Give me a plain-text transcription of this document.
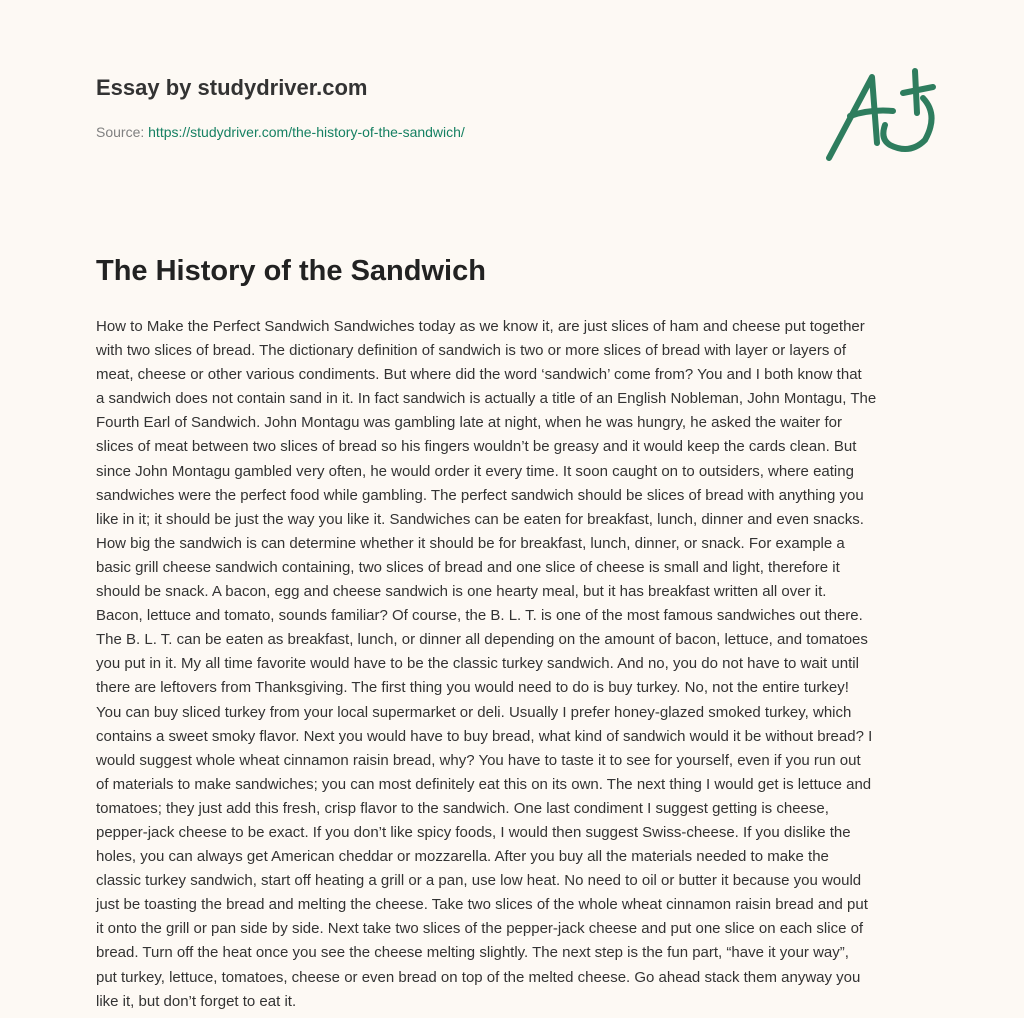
Essay by studydriver.com
Source: https://studydriver.com/the-history-of-the-sandwich/
The History of the Sandwich
How to Make the Perfect Sandwich Sandwiches today as we know it, are just slices of ham and cheese put together
with two slices of bread. The dictionary definition of sandwich is two or more slices of bread with layer or layers of
meat, cheese or other various condiments. But where did the word ‘sandwich’ come from? You and I both know that
a sandwich does not contain sand in it. In fact sandwich is actually a title of an English Nobleman, John Montagu, The
Fourth Earl of Sandwich. John Montagu was gambling late at night, when he was hungry, he asked the waiter for
slices of meat between two slices of bread so his fingers wouldn’t be greasy and it would keep the cards clean. But
since John Montagu gambled very often, he would order it every time. It soon caught on to outsiders, where eating
sandwiches were the perfect food while gambling. The perfect sandwich should be slices of bread with anything you
like in it; it should be just the way you like it. Sandwiches can be eaten for breakfast, lunch, dinner and even snacks.
How big the sandwich is can determine whether it should be for breakfast, lunch, dinner, or snack. For example a
basic grill cheese sandwich containing, two slices of bread and one slice of cheese is small and light, therefore it
should be snack. A bacon, egg and cheese sandwich is one hearty meal, but it has breakfast written all over it.
Bacon, lettuce and tomato, sounds familiar? Of course, the B. L. T. is one of the most famous sandwiches out there.
The B. L. T. can be eaten as breakfast, lunch, or dinner all depending on the amount of bacon, lettuce, and tomatoes
you put in it. My all time favorite would have to be the classic turkey sandwich. And no, you do not have to wait until
there are leftovers from Thanksgiving. The first thing you would need to do is buy turkey. No, not the entire turkey!
You can buy sliced turkey from your local supermarket or deli. Usually I prefer honey-glazed smoked turkey, which
contains a sweet smoky flavor. Next you would have to buy bread, what kind of sandwich would it be without bread? I
would suggest whole wheat cinnamon raisin bread, why? You have to taste it to see for yourself, even if you run out
of materials to make sandwiches; you can most definitely eat this on its own. The next thing I would get is lettuce and
tomatoes; they just add this fresh, crisp flavor to the sandwich. One last condiment I suggest getting is cheese,
pepper-jack cheese to be exact. If you don’t like spicy foods, I would then suggest Swiss-cheese. If you dislike the
holes, you can always get American cheddar or mozzarella. After you buy all the materials needed to make the
classic turkey sandwich, start off heating a grill or a pan, use low heat. No need to oil or butter it because you would
just be toasting the bread and melting the cheese. Take two slices of the whole wheat cinnamon raisin bread and put
it onto the grill or pan side by side. Next take two slices of the pepper-jack cheese and put one slice on each slice of
bread. Turn off the heat once you see the cheese melting slightly. The next step is the fun part, “have it your way”,
put turkey, lettuce, tomatoes, cheese or even bread on top of the melted cheese. Go ahead stack them anyway you
like it, but don’t forget to eat it.
